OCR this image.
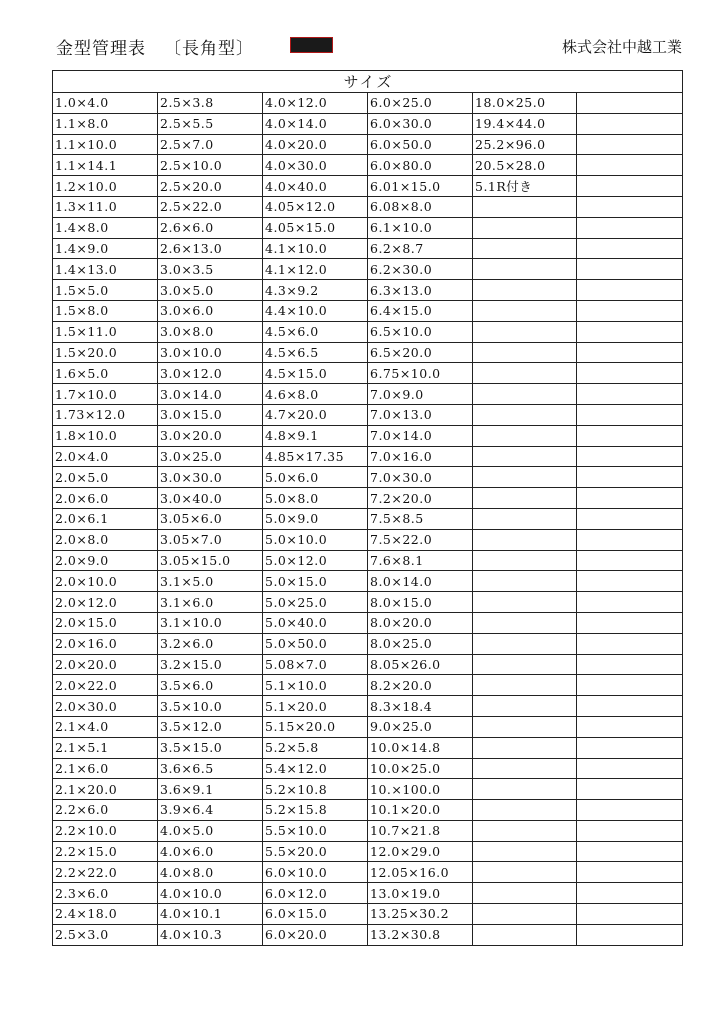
金型管理表 〔長角型〕	株式会社中越工業
サイズ					
1.0×4.0	2.5×3.8	4.0×12.0	6.0×25.0	18.0×25.0	
1.1×8.0	2.5×5.5	4.0×14.0	6.0×30.0	19.4×44.0	
1.1×10.0	2.5×7.0	4.0×20.0	6.0×50.0	25.2×96.0	
1.1×14.1	2.5×10.0	4.0×30.0	6.0×80.0	20.5×28.0	
1.2×10.0	2.5×20.0	4.0×40.0	6.01×15.0	5.1R付き	
1.3×11.0	2.5×22.0	4.05×12.0	6.08×8.0		
1.4×8.0	2.6×6.0	4.05×15.0	6.1×10.0		
1.4×9.0	2.6×13.0	4.1×10.0	6.2×8.7		
1.4×13.0	3.0×3.5	4.1×12.0	6.2×30.0		
1.5×5.0	3.0×5.0	4.3×9.2	6.3×13.0		
1.5×8.0	3.0×6.0	4.4×10.0	6.4×15.0		
1.5×11.0	3.0×8.0	4.5×6.0	6.5×10.0		
1.5×20.0	3.0×10.0	4.5×6.5	6.5×20.0		
1.6×5.0	3.0×12.0	4.5×15.0	6.75×10.0		
1.7×10.0	3.0×14.0	4.6×8.0	7.0×9.0		
1.73×12.0	3.0×15.0	4.7×20.0	7.0×13.0		
1.8×10.0	3.0×20.0	4.8×9.1	7.0×14.0		
2.0×4.0	3.0×25.0	4.85×17.35	7.0×16.0		
2.0×5.0	3.0×30.0	5.0×6.0	7.0×30.0		
2.0×6.0	3.0×40.0	5.0×8.0	7.2×20.0		
2.0×6.1	3.05×6.0	5.0×9.0	7.5×8.5		
2.0×8.0	3.05×7.0	5.0×10.0	7.5×22.0		
2.0×9.0	3.05×15.0	5.0×12.0	7.6×8.1		
2.0×10.0	3.1×5.0	5.0×15.0	8.0×14.0		
2.0×12.0	3.1×6.0	5.0×25.0	8.0×15.0		
2.0×15.0	3.1×10.0	5.0×40.0	8.0×20.0		
2.0×16.0	3.2×6.0	5.0×50.0	8.0×25.0		
2.0×20.0	3.2×15.0	5.08×7.0	8.05×26.0		
2.0×22.0	3.5×6.0	5.1×10.0	8.2×20.0		
2.0×30.0	3.5×10.0	5.1×20.0	8.3×18.4		
2.1×4.0	3.5×12.0	5.15×20.0	9.0×25.0		
2.1×5.1	3.5×15.0	5.2×5.8	10.0×14.8		
2.1×6.0	3.6×6.5	5.4×12.0	10.0×25.0		
2.1×20.0	3.6×9.1	5.2×10.8	10.×100.0		
2.2×6.0	3.9×6.4	5.2×15.8	10.1×20.0		
2.2×10.0	4.0×5.0	5.5×10.0	10.7×21.8		
2.2×15.0	4.0×6.0	5.5×20.0	12.0×29.0		
2.2×22.0	4.0×8.0	6.0×10.0	12.05×16.0		
2.3×6.0	4.0×10.0	6.0×12.0	13.0×19.0		
2.4×18.0	4.0×10.1	6.0×15.0	13.25×30.2		
2.5×3.0	4.0×10.3	6.0×20.0	13.2×30.8		
